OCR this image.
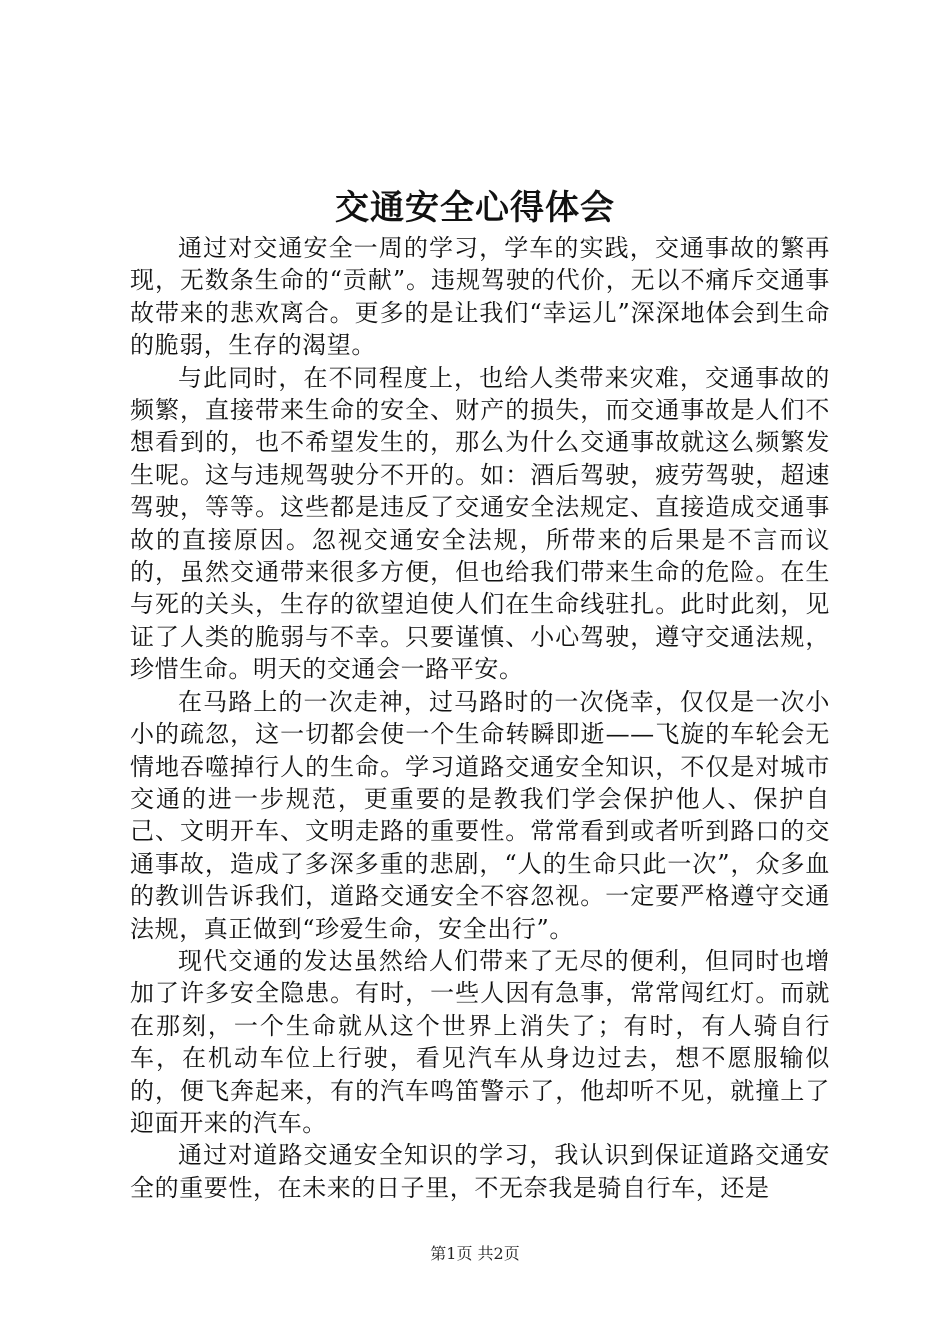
交通安全心得体会

通过对交通安全一周的学习，学车的实践，交通事故的繁再现，无数条生命的“贡献”。违规驾驶的代价，无以不痛斥交通事故带来的悲欢离合。更多的是让我们“幸运儿”深深地体会到生命的脆弱，生存的渴望。

与此同时，在不同程度上，也给人类带来灾难，交通事故的频繁，直接带来生命的安全、财产的损失，而交通事故是人们不想看到的，也不希望发生的，那么为什么交通事故就这么频繁发生呢。这与违规驾驶分不开的。如：酒后驾驶，疲劳驾驶，超速驾驶，等等。这些都是违反了交通安全法规定、直接造成交通事故的直接原因。忽视交通安全法规，所带来的后果是不言而议的，虽然交通带来很多方便，但也给我们带来生命的危险。在生与死的关头，生存的欲望迫使人们在生命线驻扎。此时此刻，见证了人类的脆弱与不幸。只要谨慎、小心驾驶，遵守交通法规，珍惜生命。明天的交通会一路平安。

在马路上的一次走神，过马路时的一次侥幸，仅仅是一次小小的疏忽，这一切都会使一个生命转瞬即逝——飞旋的车轮会无情地吞噬掉行人的生命。学习道路交通安全知识，不仅是对城市交通的进一步规范，更重要的是教我们学会保护他人、保护自己、文明开车、文明走路的重要性。常常看到或者听到路口的交通事故，造成了多深多重的悲剧，“人的生命只此一次”，众多血的教训告诉我们，道路交通安全不容忽视。一定要严格遵守交通法规，真正做到“珍爱生命，安全出行”。

现代交通的发达虽然给人们带来了无尽的便利，但同时也增加了许多安全隐患。有时，一些人因有急事，常常闯红灯。而就在那刻，一个生命就从这个世界上消失了；有时，有人骑自行车，在机动车位上行驶，看见汽车从身边过去，想不愿服输似的，便飞奔起来，有的汽车鸣笛警示了，他却听不见，就撞上了迎面开来的汽车。

通过对道路交通安全知识的学习，我认识到保证道路交通安全的重要性，在未来的日子里，不无奈我是骑自行车，还是

第1页 共2页
